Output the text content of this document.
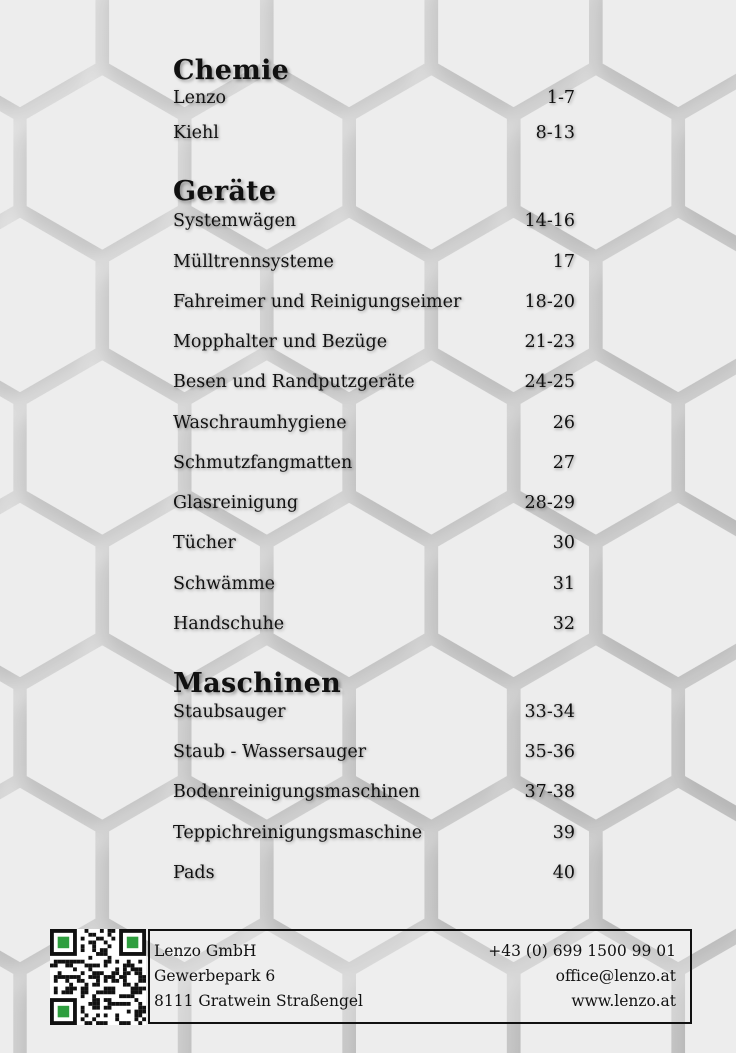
Chemie
Lenzo	1-7
Kiehl	8-13
Geräte
Systemwägen	14-16
Mülltrennsysteme	17
Fahreimer und Reinigungseimer	18-20
Mopphalter und Bezüge	21-23
Besen und Randputzgeräte	24-25
Waschraumhygiene	26
Schmutzfangmatten	27
Glasreinigung	28-29
Tücher	30
Schwämme	31
Handschuhe	32
Maschinen
Staubsauger	33-34
Staub - Wassersauger	35-36
Bodenreinigungsmaschinen	37-38
Teppichreinigungsmaschine	39
Pads	40
Lenzo GmbH
Gewerbepark 6
8111 Gratwein Straßengel
+43 (0) 699 1500 99 01
office@lenzo.at
www.lenzo.at
